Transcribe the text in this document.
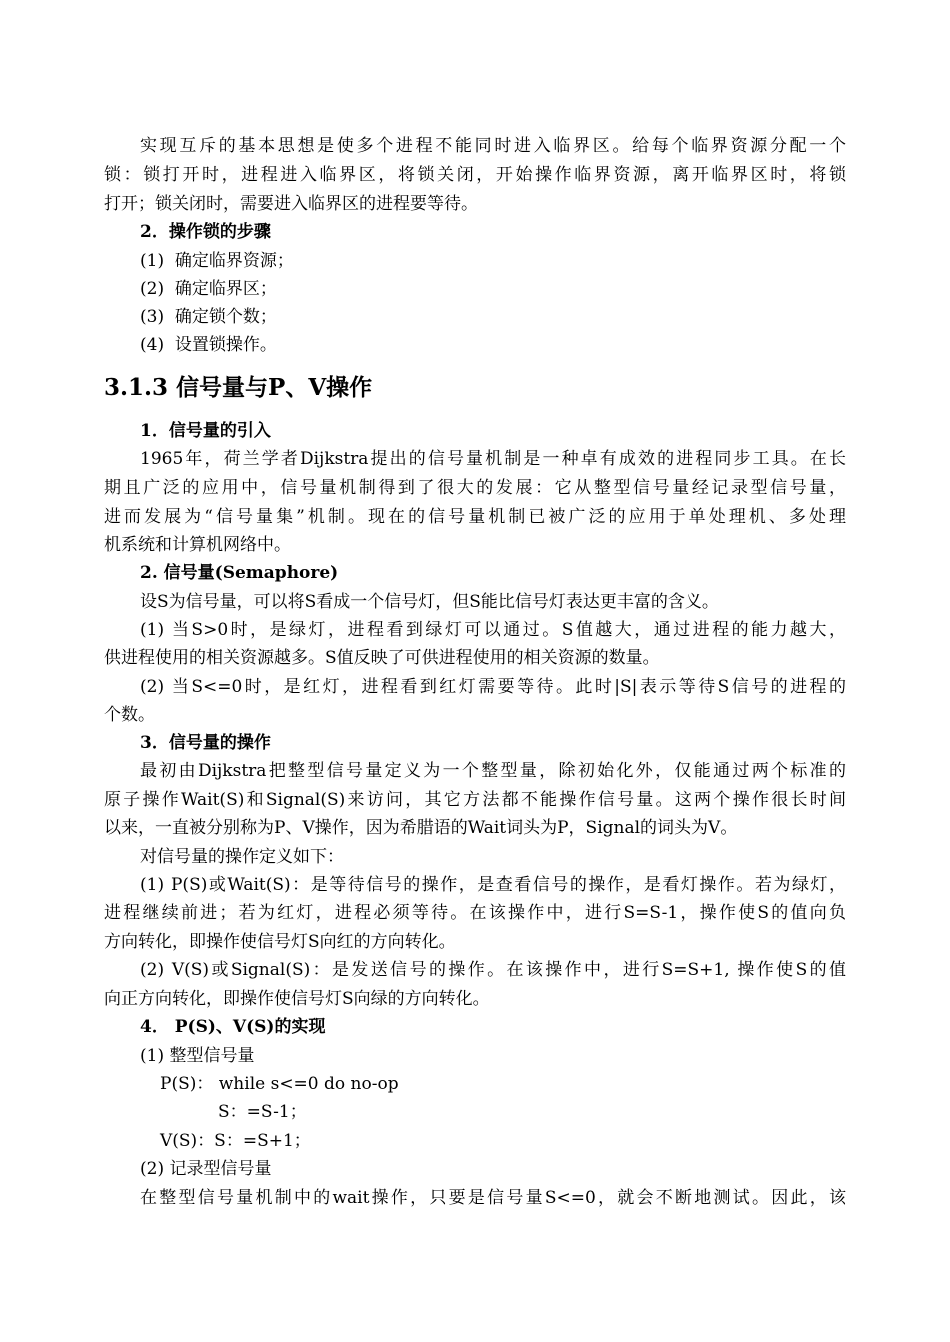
实现互斥的基本思想是使多个进程不能同时进入临界区。给每个临界资源分配一个
锁：锁打开时，进程进入临界区，将锁关闭，开始操作临界资源，离开临界区时，将锁
打开；锁关闭时，需要进入临界区的进程要等待。
2．操作锁的步骤
(1) 确定临界资源；
(2) 确定临界区；
(3) 确定锁个数；
(4) 设置锁操作。
3.1.3 信号量与P、V操作
1．信号量的引入
1965年，荷兰学者Dijkstra提出的信号量机制是一种卓有成效的进程同步工具。在长
期且广泛的应用中，信号量机制得到了很大的发展：它从整型信号量经记录型信号量，
进而发展为“信号量集”机制。现在的信号量机制已被广泛的应用于单处理机、多处理
机系统和计算机网络中。
2. 信号量(Semaphore)
设S为信号量，可以将S看成一个信号灯，但S能比信号灯表达更丰富的含义。
(1) 当S>0时，是绿灯，进程看到绿灯可以通过。S值越大，通过进程的能力越大，
供进程使用的相关资源越多。S值反映了可供进程使用的相关资源的数量。
(2) 当S<=0时，是红灯，进程看到红灯需要等待。此时|S|表示等待S信号的进程的
个数。
3．信号量的操作
最初由Dijkstra把整型信号量定义为一个整型量，除初始化外，仅能通过两个标准的
原子操作Wait(S)和Signal(S)来访问，其它方法都不能操作信号量。这两个操作很长时间
以来，一直被分别称为P、V操作，因为希腊语的Wait词头为P，Signal的词头为V。
对信号量的操作定义如下：
(1) P(S)或Wait(S)：是等待信号的操作，是查看信号的操作，是看灯操作。若为绿灯，
进程继续前进；若为红灯，进程必须等待。在该操作中，进行S=S-1，操作使S的值向负
方向转化，即操作使信号灯S向红的方向转化。
(2) V(S)或Signal(S)：是发送信号的操作。在该操作中，进行S=S+1, 操作使S的值
向正方向转化，即操作使信号灯S向绿的方向转化。
4． P(S)、V(S)的实现
(1) 整型信号量
P(S)： while s<=0 do no-op
S：=S-1；
V(S)：S：=S+1；
(2) 记录型信号量
在整型信号量机制中的wait操作，只要是信号量S<=0，就会不断地测试。因此，该
